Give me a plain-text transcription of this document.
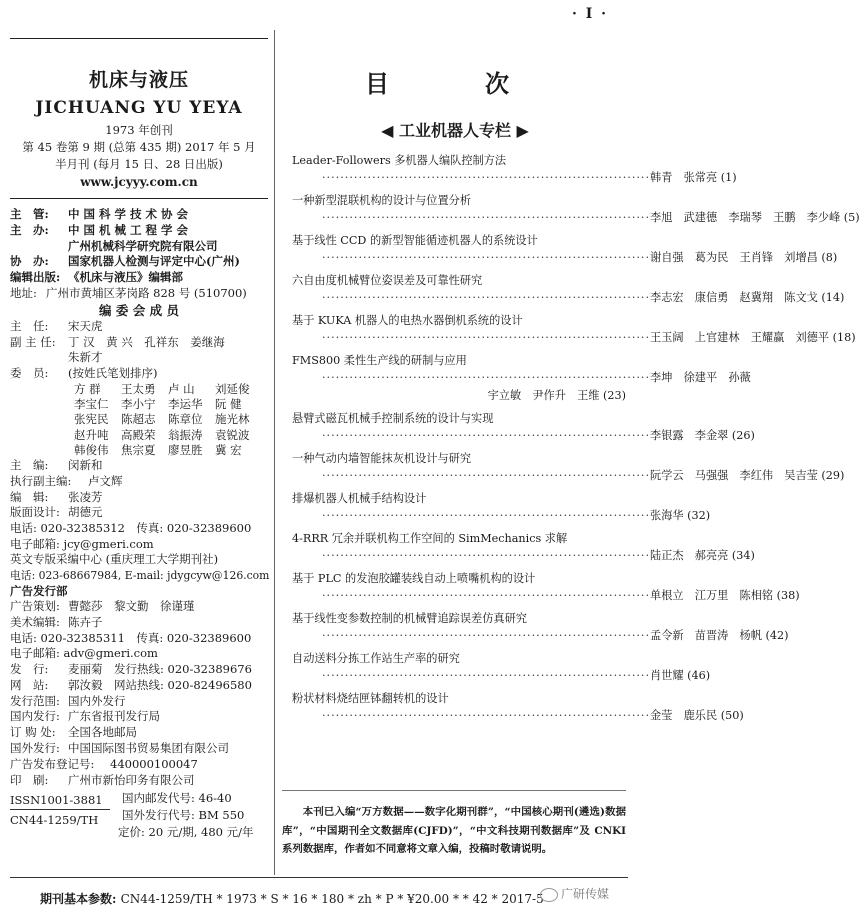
· I ·
机床与液压
JICHUANG YU YEYA
1973 年创刊
第 45 卷第 9 期 (总第 435 期) 2017 年 5 月
半月刊 (每月 15 日、28 日出版)
www.jcyyy.com.cn
主　管:	中 国 科 学 技 术 协 会
主　办:	中 国 机 械 工 程 学 会
广州机械科学研究院有限公司
协　办:	国家机器人检测与评定中心(广州)
编辑出版: 《机床与液压》编辑部
地址: 广州市黄埔区茅岗路 828 号 (510700)
编 委 会 成 员
主　任:	宋天虎
副 主 任:	丁 汉　黄 兴　孔祥东　姜继海
朱新才
委　员:	(按姓氏笔划排序)
方 群	王太勇	卢 山	刘延俊
李宝仁	李小宁	李运华	阮 健
张宪民	陈超志	陈章位	施光林
赵升吨	高殿荣	翁振涛	袁锐波
韩俊伟	焦宗夏	廖昱胜	冀 宏
主　编:	闵新和
执行副主编:	卢文辉
编　辑:	张凌芳
版面设计: 胡德元
电话: 020-32385312　传真: 020-32389600
电子邮箱: jcy@gmeri.com
英文专版采编中心 (重庆理工大学期刊社)
电话: 023-68667984, E-mail: jdygcyw@126.com
广告发行部
广告策划: 曹懿莎　黎文勤　徐谨瑾
美术编辑: 陈卉子
电话: 020-32385311　传真: 020-32389600
电子邮箱: adv@gmeri.com
发　行:	麦丽菊　发行热线: 020-32389676
网　站:	郭汝毅　网站热线: 020-82496580
发行范围: 国内外发行
国内发行: 广东省报刊发行局
订 购 处:	全国各地邮局
国外发行: 中国国际图书贸易集团有限公司
广告发布登记号:	440000100047
印　刷:	广州市新怡印务有限公司
ISSN1001-3881
CN44-1259/TH
国内邮发代号: 46-40
国外发行代号: BM 550
定价: 20 元/期, 480 元/年
目　次
◀ 工业机器人专栏 ▶
Leader-Followers 多机器人编队控制方法
········································································ 韩青　张常亮 (1)
一种新型混联机构的设计与位置分析
········································································ 李旭　武建德　李瑞琴　王鹏　李少峰 (5)
基于线性 CCD 的新型智能循迹机器人的系统设计
········································································ 谢自强　葛为民　王肖锋　刘增昌 (8)
六自由度机械臂位姿误差及可靠性研究
········································································ 李志宏　康信勇　赵冀翔　陈文戈 (14)
基于 KUKA 机器人的电热水器倒机系统的设计
········································································ 王玉阔　上官建林　王耀赢　刘德平 (18)
FMS800 柔性生产线的研制与应用
········································································ 李坤　徐建平　孙薇
宇立敏　尹作升　王维 (23)
悬臂式磁瓦机械手控制系统的设计与实现
········································································ 李银露　李金翠 (26)
一种气动内墙智能抹灰机设计与研究
········································································ 阮学云　马强强　李红伟　吴吉莹 (29)
排爆机器人机械手结构设计
········································································ 张海华 (32)
4-RRR 冗余并联机构工作空间的 SimMechanics 求解
········································································ 陆正杰　郝亮亮 (34)
基于 PLC 的发泡胶罐装线自动上喷嘴机构的设计
········································································ 单根立　江万里　陈相铭 (38)
基于线性变参数控制的机械臂追踪误差仿真研究
········································································ 孟令新　苗晋涛　杨帆 (42)
自动送料分拣工作站生产率的研究
········································································ 肖世耀 (46)
粉状材料烧结匣钵翻转机的设计
········································································ 金莹　鹿乐民 (50)
本刊已入编“万方数据——数字化期刊群”，“中国核心期刊(遴选)数据库”，“中国期刊全文数据库(CJFD)”，“中文科技期刊数据库”及 CNKI 系列数据库，作者如不同意将文章入编，投稿时敬请说明。
期刊基本参数: CN44-1259/TH * 1973 * S * 16 * 180 * zh * P * ¥20.00 * * 42 * 2017-5	广研传媒
